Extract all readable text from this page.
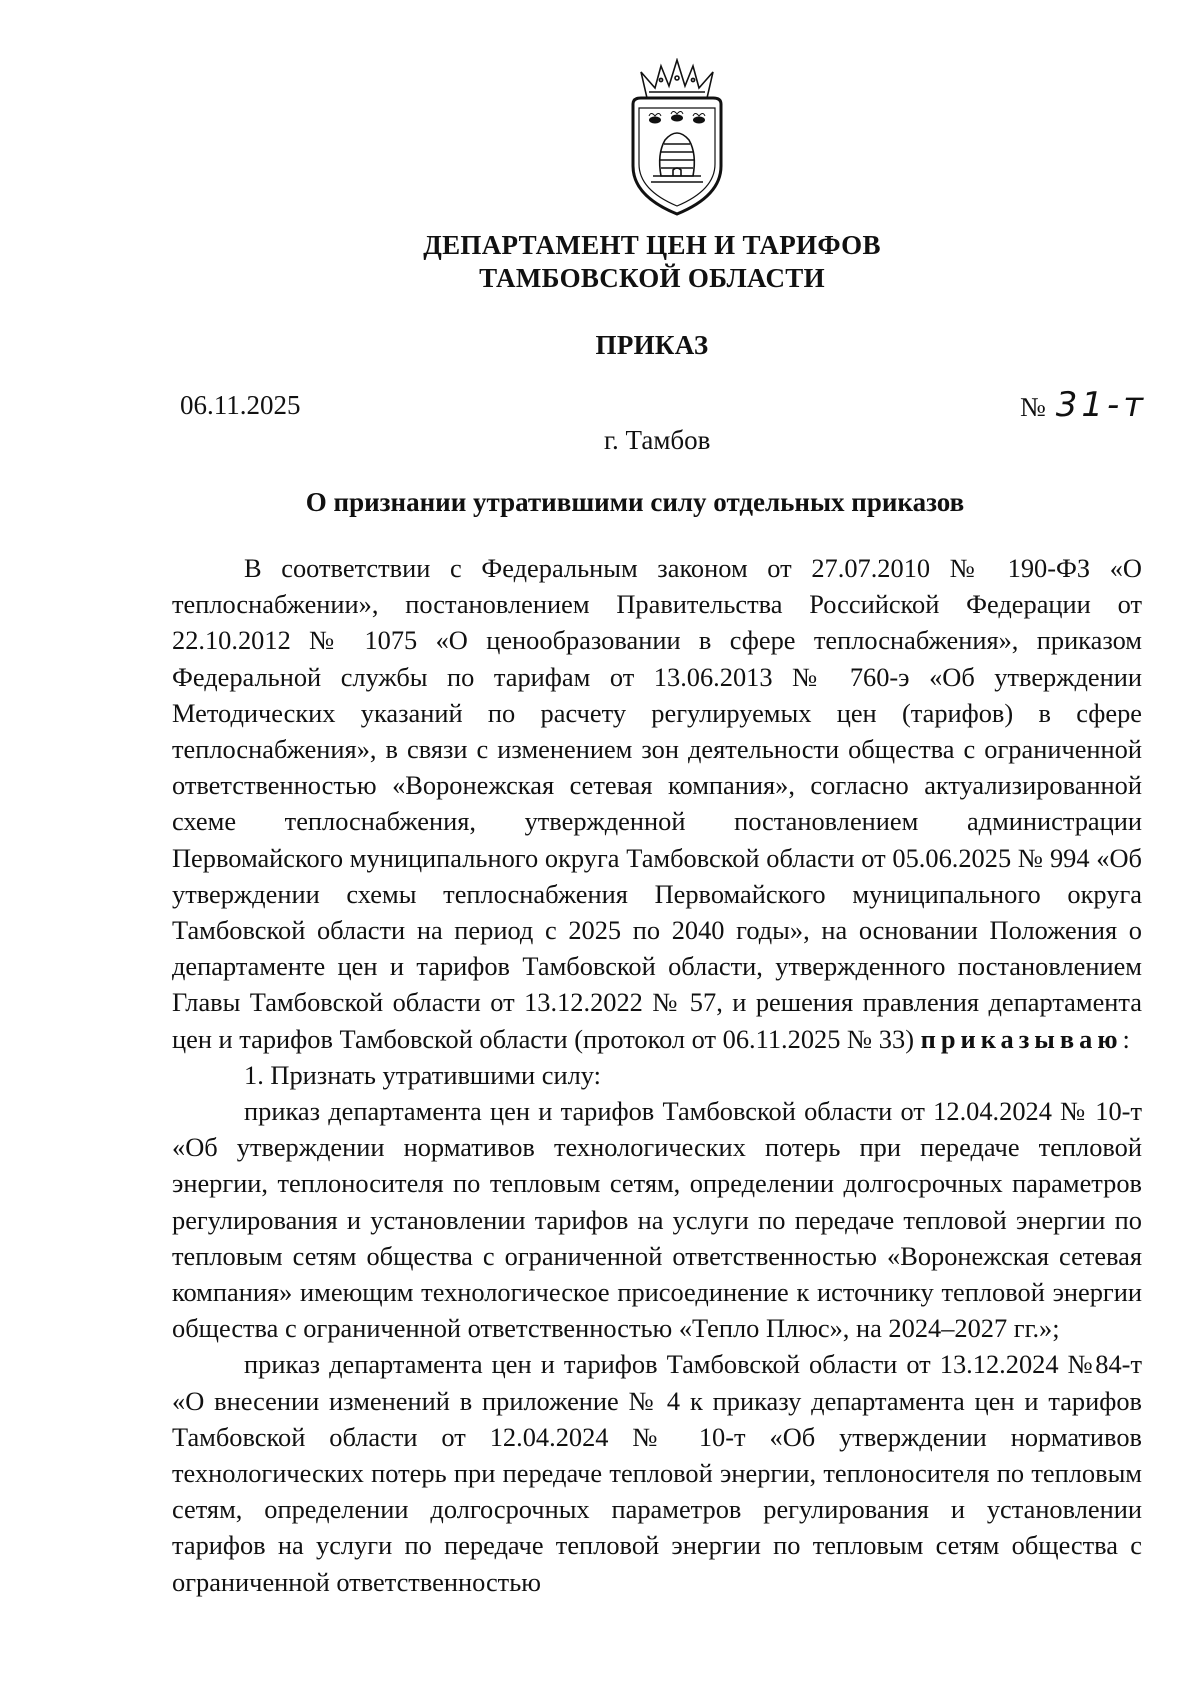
ДЕПАРТАМЕНТ ЦЕН И ТАРИФОВ
ТАМБОВСКОЙ ОБЛАСТИ
ПРИКАЗ
06.11.2025	№ 31-т
г. Тамбов
О признании утратившими силу отдельных приказов

В соответствии с Федеральным законом от 27.07.2010 № 190-ФЗ «О теплоснабжении», постановлением Правительства Российской Федерации от 22.10.2012 № 1075 «О ценообразовании в сфере теплоснабжения», приказом Федеральной службы по тарифам от 13.06.2013 № 760-э «Об утверждении Методических указаний по расчету регулируемых цен (тарифов) в сфере теплоснабжения», в связи с изменением зон деятельности общества с ограниченной ответственностью «Воронежская сетевая компания», согласно актуализированной схеме теплоснабжения, утвержденной постановлением администрации Первомайского муниципального округа Тамбовской области от 05.06.2025 № 994 «Об утверждении схемы теплоснабжения Первомайского муниципального округа Тамбовской области на период с 2025 по 2040 годы», на основании Положения о департаменте цен и тарифов Тамбовской области, утвержденного постановлением Главы Тамбовской области от 13.12.2022 № 57, и решения правления департамента цен и тарифов Тамбовской области (протокол от 06.11.2025 № 33) приказываю:

1. Признать утратившими силу:

приказ департамента цен и тарифов Тамбовской области от 12.04.2024 № 10-т «Об утверждении нормативов технологических потерь при передаче тепловой энергии, теплоносителя по тепловым сетям, определении долгосрочных параметров регулирования и установлении тарифов на услуги по передаче тепловой энергии по тепловым сетям общества с ограниченной ответственностью «Воронежская сетевая компания» имеющим технологическое присоединение к источнику тепловой энергии общества с ограниченной ответственностью «Тепло Плюс», на 2024–2027 гг.»;

приказ департамента цен и тарифов Тамбовской области от 13.12.2024 №84-т «О внесении изменений в приложение № 4 к приказу департамента цен и тарифов Тамбовской области от 12.04.2024 № 10-т «Об утверждении нормативов технологических потерь при передаче тепловой энергии, теплоносителя по тепловым сетям, определении долгосрочных параметров регулирования и установлении тарифов на услуги по передаче тепловой энергии по тепловым сетям общества с ограниченной ответственностью
